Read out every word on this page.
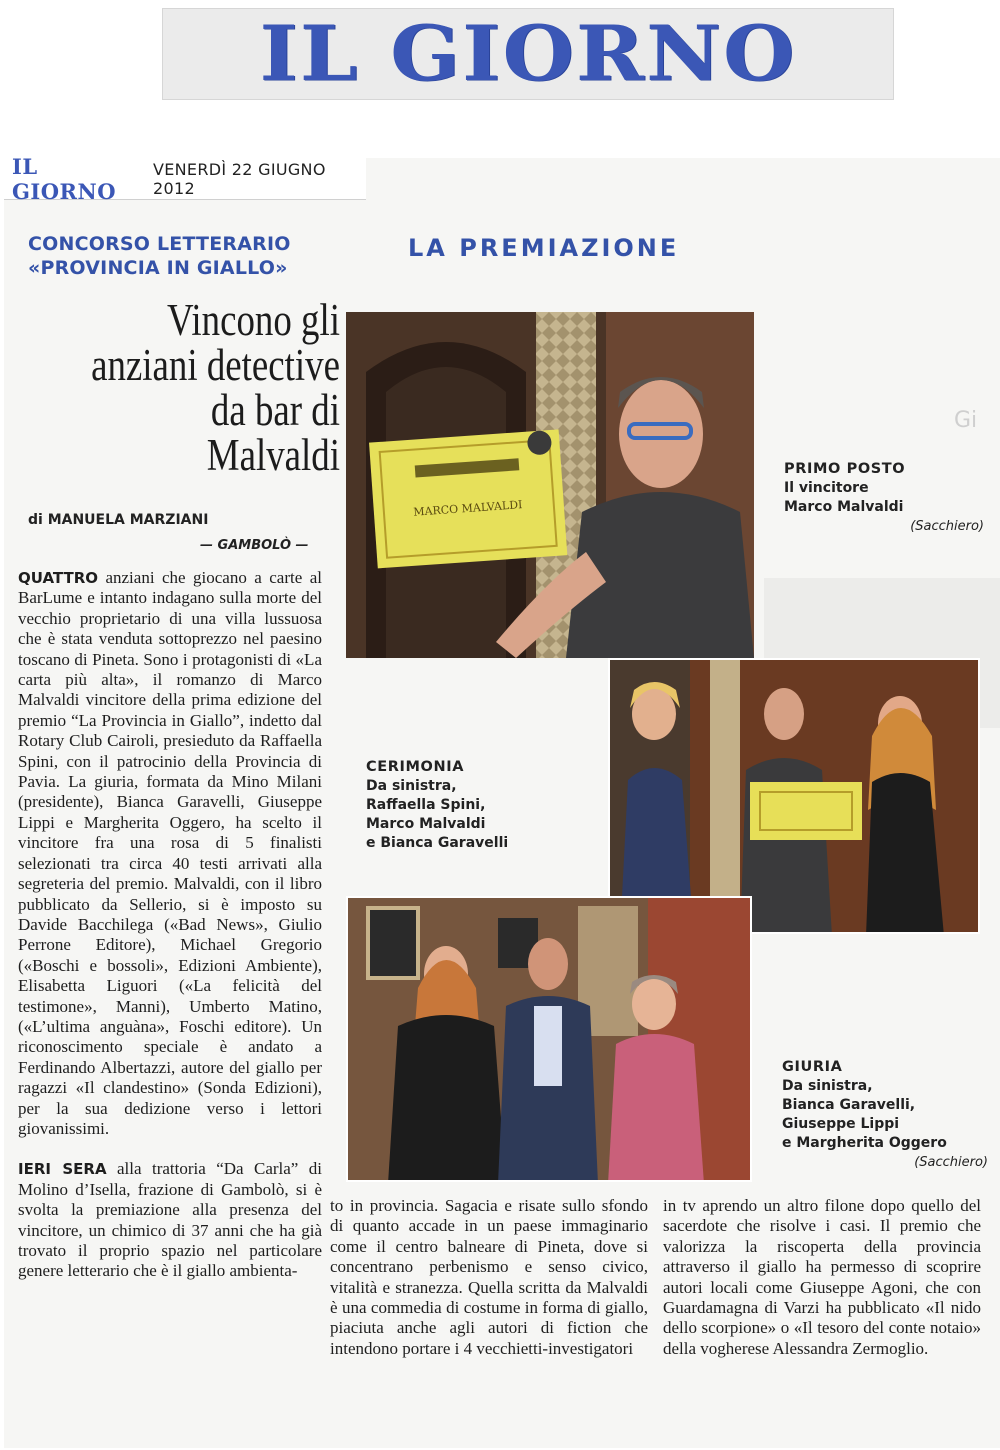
IL GIORNO
Gi
IL GIORNO
VENERDÌ 22 GIUGNO 2012
CONCORSO LETTERARIO
«PROVINCIA IN GIALLO»
LA PREMIAZIONE
Vincono gli anziani detective da bar di Malvaldi
di MANUELA MARZIANI
— GAMBOLÒ —

QUATTRO anziani che giocano a carte al BarLume e intanto indagano sulla morte del vecchio proprietario di una villa lussuosa che è stata venduta sottoprezzo nel paesino toscano di Pineta. Sono i protagonisti di «La carta più alta», il romanzo di Marco Malvaldi vincitore della prima edizione del premio “La Provincia in Giallo”, indetto dal Rotary Club Cairoli, presieduto da Raffaella Spini, con il patrocinio della Provincia di Pavia. La giuria, formata da Mino Milani (presidente), Bianca Garavelli, Giuseppe Lippi e Margherita Oggero, ha scelto il vincitore fra una rosa di 5 finalisti selezionati tra circa 40 testi arrivati alla segreteria del premio. Malvaldi, con il libro pubblicato da Sellerio, si è imposto su Davide Bacchilega («Bad News», Giulio Perrone Editore), Michael Gregorio («Boschi e bossoli», Edizioni Ambiente), Elisabetta Liguori («La felicità del testimone», Manni), Umberto Matino, («L’ultima anguàna», Foschi editore). Un riconoscimento speciale è andato a Ferdinando Albertazzi, autore del giallo per ragazzi «Il clandestino» (Sonda Edizioni), per la sua dedizione verso i lettori giovanissimi.

IERI SERA alla trattoria “Da Carla” di Molino d’Isella, frazione di Gambolò, si è svolta la premiazione alla presenza del vincitore, un chimico di 37 anni che ha già trovato il proprio spazio nel particolare genere letterario che è il giallo ambienta-

to in provincia. Sagacia e risate sullo sfondo di quanto accade in un paese immaginario come il centro balneare di Pineta, dove si concentrano perbenismo e senso civico, vitalità e stranezza. Quella scritta da Malvaldi è una commedia di costume in forma di giallo, piaciuta anche agli autori di fiction che intendono portare i 4 vecchietti-investigatori

in tv aprendo un altro filone dopo quello del sacerdote che risolve i casi. Il premio che valorizza la riscoperta della provincia attraverso il giallo ha permesso di scoprire autori locali come Giuseppe Agoni, che con Guardamagna di Varzi ha pubblicato «Il nido dello scorpione» o «Il tesoro del conte notaio» della vogherese Alessandra Zermoglio.

MARCO MALVALDI
PRIMO POSTO
Il vincitore
Marco Malvaldi
(Sacchiero)
CERIMONIA
Da sinistra,
Raffaella Spini,
Marco Malvaldi
e Bianca Garavelli
GIURIA
Da sinistra,
Bianca Garavelli,
Giuseppe Lippi
e Margherita Oggero
(Sacchiero)
